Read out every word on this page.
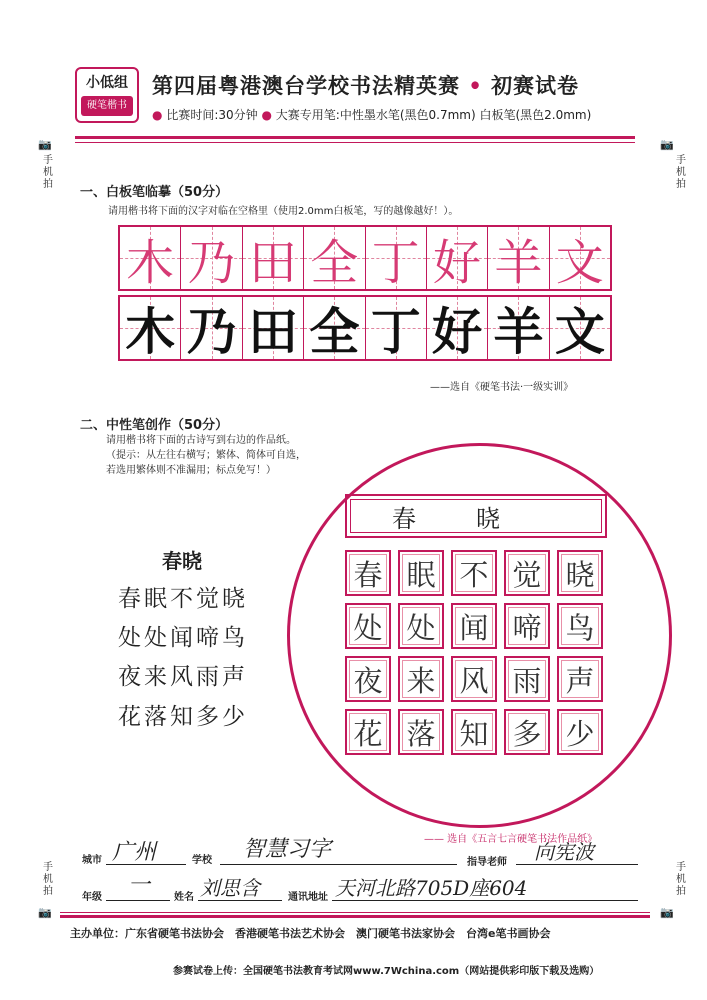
小低组
硬笔楷书
第四届粤港澳台学校书法精英赛 • 初赛试卷
● 比赛时间:30分钟 ● 大赛专用笔:中性墨水笔(黑色0.7mm) 白板笔(黑色2.0mm)
📷
手
机
拍
📷
手
机
拍
一、白板笔临摹（50分）
请用楷书将下面的汉字对临在空格里（使用2.0mm白板笔，写的越像越好！）。
木 乃 田 全 丁 好 羊 文
木 乃 田 全 丁 好 羊 文
——选自《硬笔书法·一级实训》
二、中性笔创作（50分）
请用楷书将下面的古诗写到右边的作品纸。
（提示：从左往右横写；繁体、简体可自选，
若选用繁体则不准漏用；标点免写！）
春晓
春眠不觉晓
处处闻啼鸟
夜来风雨声
花落知多少
春晓
春 眠 不 觉 晓
处 处 闻 啼 鸟
夜 来 风 雨 声
花 落 知 多 少
—— 选自《五言七言硬笔书法作品纸》
城市 广州	学校 智慧习字
指导老师 向宪波
年级 一 姓名 刘思含	通讯地址 天河北路705D座604
手
机
拍
📷
手
机
拍
📷
主办单位：广东省硬笔书法协会　香港硬笔书法艺术协会　澳门硬笔书法家协会　台湾e笔书画协会
参赛试卷上传：全国硬笔书法教育考试网www.7Wchina.com（网站提供彩印版下载及选购）
